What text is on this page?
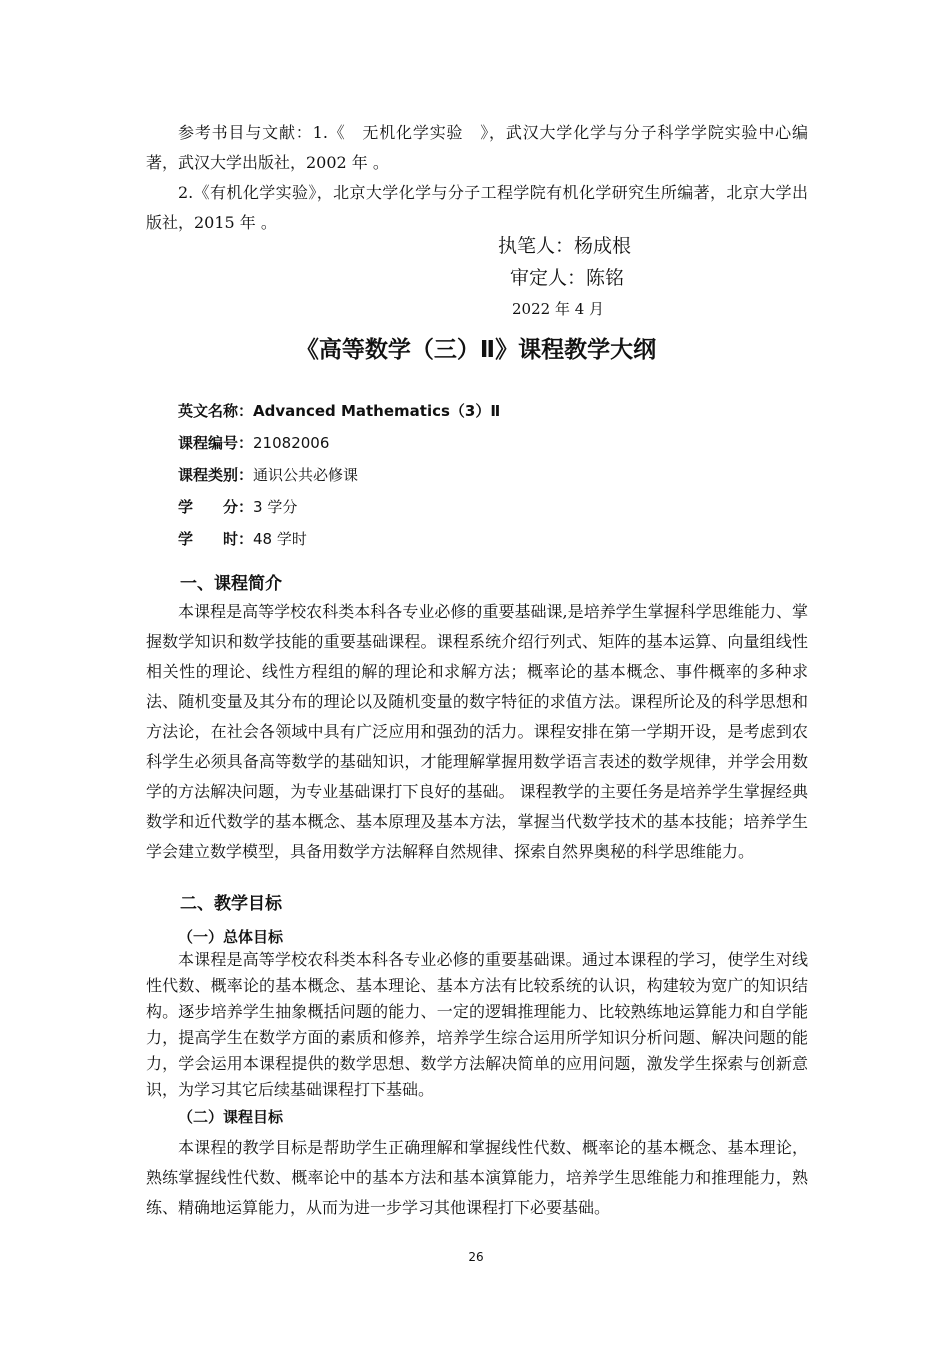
参考书目与文献：1.《　无机化学实验　》，武汉大学化学与分子科学学院实验中心编著，武汉大学出版社，2002 年 。

2.《有机化学实验》，北京大学化学与分子工程学院有机化学研究生所编著，北京大学出版社，2015 年 。

执笔人：杨成根
审定人：陈铭
2022 年 4 月
《高等数学（三）Ⅱ》课程教学大纲
英文名称：Advanced Mathematics（3）Ⅱ
课程编号：21082006
课程类别：通识公共必修课
学　　分：3 学分
学　　时：48 学时
一、课程简介

本课程是高等学校农科类本科各专业必修的重要基础课,是培养学生掌握科学思维能力、掌握数学知识和数学技能的重要基础课程。课程系统介绍行列式、矩阵的基本运算、向量组线性相关性的理论、线性方程组的解的理论和求解方法；概率论的基本概念、事件概率的多种求法、随机变量及其分布的理论以及随机变量的数字特征的求值方法。课程所论及的科学思想和方法论，在社会各领域中具有广泛应用和强劲的活力。课程安排在第一学期开设，是考虑到农科学生必须具备高等数学的基础知识，才能理解掌握用数学语言表述的数学规律，并学会用数学的方法解决问题，为专业基础课打下良好的基础。 课程教学的主要任务是培养学生掌握经典数学和近代数学的基本概念、基本原理及基本方法，掌握当代数学技术的基本技能；培养学生学会建立数学模型，具备用数学方法解释自然规律、探索自然界奥秘的科学思维能力。

二、教学目标
（一）总体目标

本课程是高等学校农科类本科各专业必修的重要基础课。通过本课程的学习，使学生对线性代数、概率论的基本概念、基本理论、基本方法有比较系统的认识，构建较为宽广的知识结构。逐步培养学生抽象概括问题的能力、一定的逻辑推理能力、比较熟练地运算能力和自学能力，提高学生在数学方面的素质和修养，培养学生综合运用所学知识分析问题、解决问题的能力，学会运用本课程提供的数学思想、数学方法解决简单的应用问题，激发学生探索与创新意识，为学习其它后续基础课程打下基础。

（二）课程目标

本课程的教学目标是帮助学生正确理解和掌握线性代数、概率论的基本概念、基本理论，熟练掌握线性代数、概率论中的基本方法和基本演算能力，培养学生思维能力和推理能力，熟练、精确地运算能力，从而为进一步学习其他课程打下必要基础。

26
